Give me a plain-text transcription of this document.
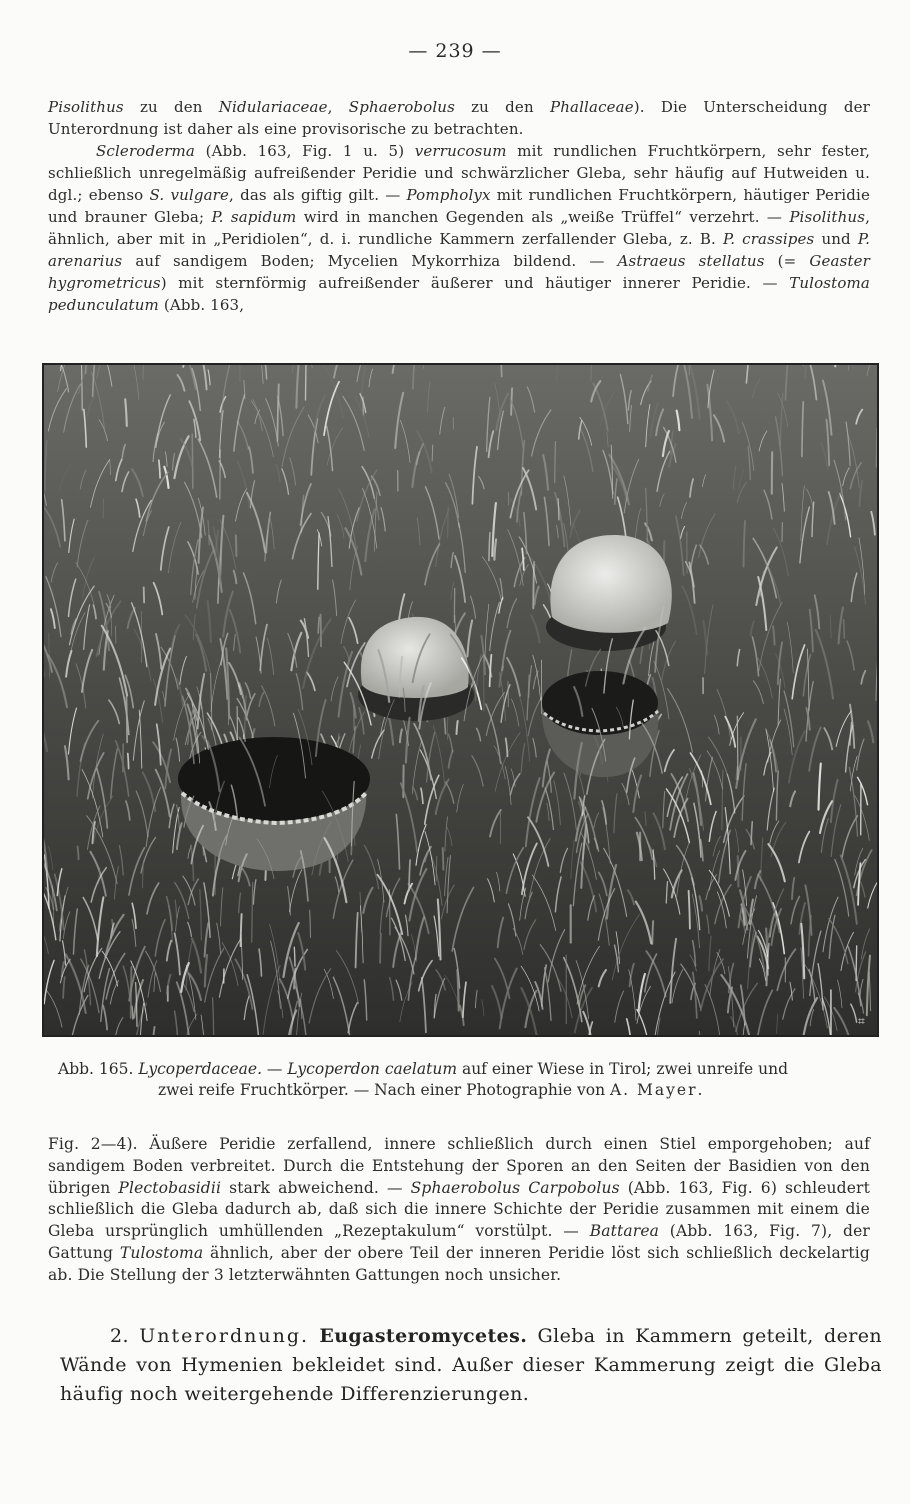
— 239 —

Pisolithus zu den Nidulariaceae, Sphaerobolus zu den Phallaceae). Die Unterscheidung der Unterordnung ist daher als eine provisorische zu betrachten.

Scleroderma (Abb. 163, Fig. 1 u. 5) verrucosum mit rundlichen Fruchtkörpern, sehr fester, schließlich unregelmäßig aufreißender Peridie und schwärzlicher Gleba, sehr häufig auf Hutweiden u. dgl.; ebenso S. vulgare, das als giftig gilt. — Pompholyx mit rundlichen Fruchtkörpern, häutiger Peridie und brauner Gleba; P. sapidum wird in manchen Gegenden als „weiße Trüffel“ verzehrt. — Pisolithus, ähnlich, aber mit in „Peridiolen“, d. i. rundliche Kammern zerfallender Gleba, z. B. P. crassipes und P. arenarius auf sandigem Boden; Mycelien Mykorrhiza bildend. — Astraeus stellatus (= Geaster hygrometricus) mit sternförmig aufreißender äußerer und häutiger innerer Peridie. — Tulostoma pedunculatum (Abb. 163,

⌗
Abb. 165. Lycoperdaceae. — Lycoperdon caelatum auf einer Wiese in Tirol; zwei unreife und
zwei reife Fruchtkörper. — Nach einer Photographie von A. Mayer.

Fig. 2—4). Äußere Peridie zerfallend, innere schließlich durch einen Stiel emporgehoben; auf sandigem Boden verbreitet. Durch die Entstehung der Sporen an den Seiten der Basidien von den übrigen Plectobasidii stark abweichend. — Sphaerobolus Carpobolus (Abb. 163, Fig. 6) schleudert schließlich die Gleba dadurch ab, daß sich die innere Schichte der Peridie zusammen mit einem die Gleba ursprünglich umhüllenden „Rezeptakulum“ vorstülpt. — Battarea (Abb. 163, Fig. 7), der Gattung Tulostoma ähnlich, aber der obere Teil der inneren Peridie löst sich schließlich deckelartig ab. Die Stellung der 3 letzterwähnten Gattungen noch unsicher.

2. Unterordnung. Eugasteromycetes. Gleba in Kammern geteilt, deren Wände von Hymenien bekleidet sind. Außer dieser Kammerung zeigt die Gleba häufig noch weitergehende Differenzierungen.
